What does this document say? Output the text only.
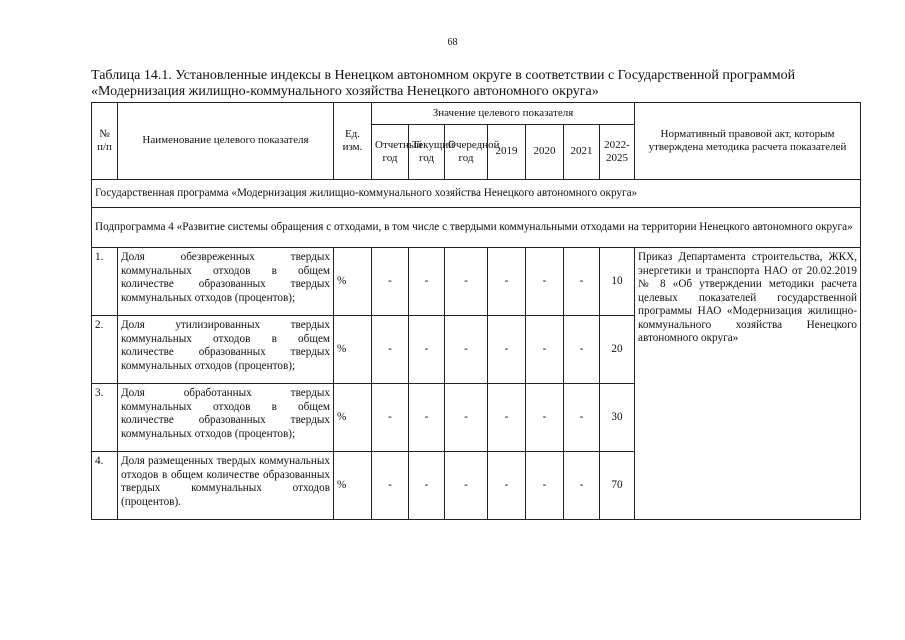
68
Таблица 14.1. Установленные индексы в Ненецком автономном округе в соответствии с Государственной программой «Модернизация жилищно-коммунального хозяйства Ненецкого автономного округа»
№ п/п	Наименование целевого показателя	Ед. изм.	Значение целевого показателя							Нормативный правовой акт, которым утверждена методика расчета показателей
			Отчетный год	Текущий год	Очередной год	2019	2020	2021	2022-2025	
Государственная программа «Модернизация жилищно-коммунального хозяйства Ненецкого автономного округа»										
Подпрограмма 4 «Развитие системы обращения с отходами, в том числе с твердыми коммунальными отходами на территории Ненецкого автономного округа»										
1.	Доля обезвреженных твердых коммунальных отходов в общем количестве образованных твердых коммунальных отходов (процентов);	%	-	-	-	-	-	-	10	Приказ Департамента строительства, ЖКХ, энергетики и транспорта НАО от 20.02.2019 № 8 «Об утверждении методики расчета целевых показателей государственной программы НАО «Модернизация жилищно-коммунального хозяйства Ненецкого автономного округа»
2.	Доля утилизированных твердых коммунальных отходов в общем количестве образованных твердых коммунальных отходов (процентов);	%	-	-	-	-	-	-	20	
3.	Доля обработанных твердых коммунальных отходов в общем количестве образованных твердых коммунальных отходов (процентов);	%	-	-	-	-	-	-	30	
4.	Доля размещенных твердых коммунальных отходов в общем количестве образованных твердых коммунальных отходов (процентов).	%	-	-	-	-	-	-	70	
